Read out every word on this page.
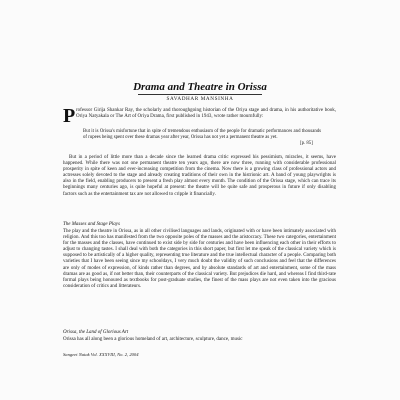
Drama and Theatre in Orissa
SAVADHAR MANSINHA
P rofessor Girija Shankar Ray, the scholarly and thoroughgoing historian of the Oriya stage and drama, in his authoritative book, Oriya Natyakala or The Art of Oriya Drama, first published in 1943, wrote rather mournfully:

But it is Orissa's misfortune that in spite of tremendous enthusiasm of the people for dramatic performances and thousands of rupees being spent over these dramas year after year, Orissa has not yet a permanent theatre as yet.

[p. 85]

But in a period of little more than a decade since the learned drama critic expressed his pessimism, miracles, it seems, have happened. While there was not one permanent theatre ten years ago, there are now three, running with considerable professional prosperity in spite of keen and ever-increasing competition from the cinema. Now there is a growing class of professional actors and actresses solely devoted to the stage and already creating traditions of their own in the histrionic art. A band of young playwrights is also in the field, enabling producers to present a fresh play almost every month. The condition of the Orissa stage, which can trace its beginnings many centuries ago, is quite hopeful at present: the theatre will be quite safe and prosperous in future if only disabling factors such as the entertainment tax are not allowed to cripple it financially.

The Masses and Stage Plays

The play and the theatre in Orissa, as in all other civilised languages and lands, originated with or have been intimately associated with religion. And this too has manifested from the two opposite poles of the masses and the aristocracy. These two categories, entertainment for the masses and the classes, have continued to exist side by side for centuries and have been influencing each other in their efforts to adjust to changing tastes. I shall deal with both the categories in this short paper, but first let me speak of the classical variety which is supposed to be artistically of a higher quality, representing true literature and the true intellectual character of a people. Comparing both varieties that I have been seeing since my schooldays, I very much doubt the validity of such conclusions and feel that the differences are only of modes of expression, of kinds rather than degrees, and by absolute standards of art and entertainment, some of the mass dramas are as good as, if not better than, their counterparts of the classical variety. But prejudices die hard, and whereas I find third-rate formal plays being honoured as textbooks for post-graduate studies, the finest of the mass plays are not even taken into the gracious consideration of critics and litterateurs.

Orissa, the Land of Glorious Art

Orissa has all along been a glorious homeland of art, architecture, sculpture, dance, music

Sangeet Natak Vol. XXXVIII, No. 2, 2004
